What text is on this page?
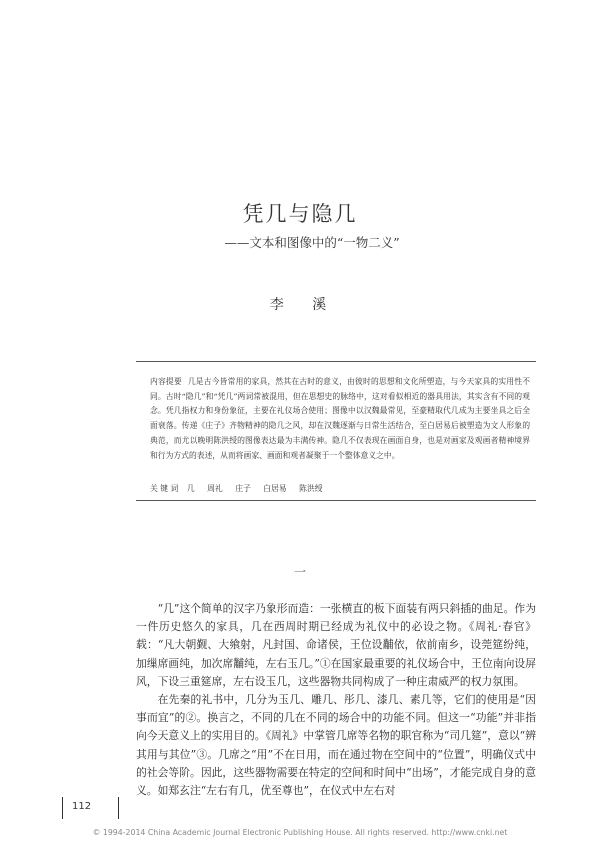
凭几与隐几
——文本和图像中的“一物二义”
李 溪
内容提要 几是古今皆常用的家具，然其在古时的意义，由彼时的思想和文化所塑造，与今天家具的实用性不同。古时“隐几”和“凭几”两词常被混用，但在思想史的脉络中，这对看似相近的器具用法，其实含有不同的观念。凭几指权力和身份象征，主要在礼仪场合使用；图像中以汉魏最常见，至豪精取代几成为主要坐具之后全面衰落。传递《庄子》齐物精神的隐几之风，却在汉魏逐渐与日常生活结合，至白居易后被塑造为文人形象的典范，而尤以晚明陈洪绶的图像表达最为丰满传神。隐几不仅表现在画面自身，也是对画家及观画者精神境界和行为方式的表述，从而将画家、画面和观者凝聚于一个整体意义之中。
关 键 词 几 周礼 庄子 白居易 陈洪绶
一

“几”这个简单的汉字乃象形而造：一张横直的板下面装有两只斜插的曲足。作为一件历史悠久的家具，几在西周时期已经成为礼仪中的必设之物。《周礼·春官》载：“凡大朝觐、大飨射，凡封国、命诸侯，王位设黼依，依前南乡，设莞筵纷纯，加缫席画纯，加次席黼纯，左右玉几。”①在国家最重要的礼仪场合中，王位南向设屏风，下设三重筵席，左右设玉几，这些器物共同构成了一种庄肃威严的权力氛围。

在先秦的礼书中，几分为玉几、雕几、彤几、漆几、素几等，它们的使用是“因事而宜”的②。换言之，不同的几在不同的场合中的功能不同。但这一“功能”并非指向今天意义上的实用目的。《周礼》中掌管几席等名物的职官称为“司几筵”，意以“辨其用与其位”③。几席之“用”不在日用，而在通过物在空间中的“位置”，明确仪式中的社会等阶。因此，这些器物需要在特定的空间和时间中“出场”，才能完成自身的意义。如郑玄注“左右有几，优至尊也”，在仪式中左右对

112
© 1994-2014 China Academic Journal Electronic Publishing House. All rights reserved. http://www.cnki.net
